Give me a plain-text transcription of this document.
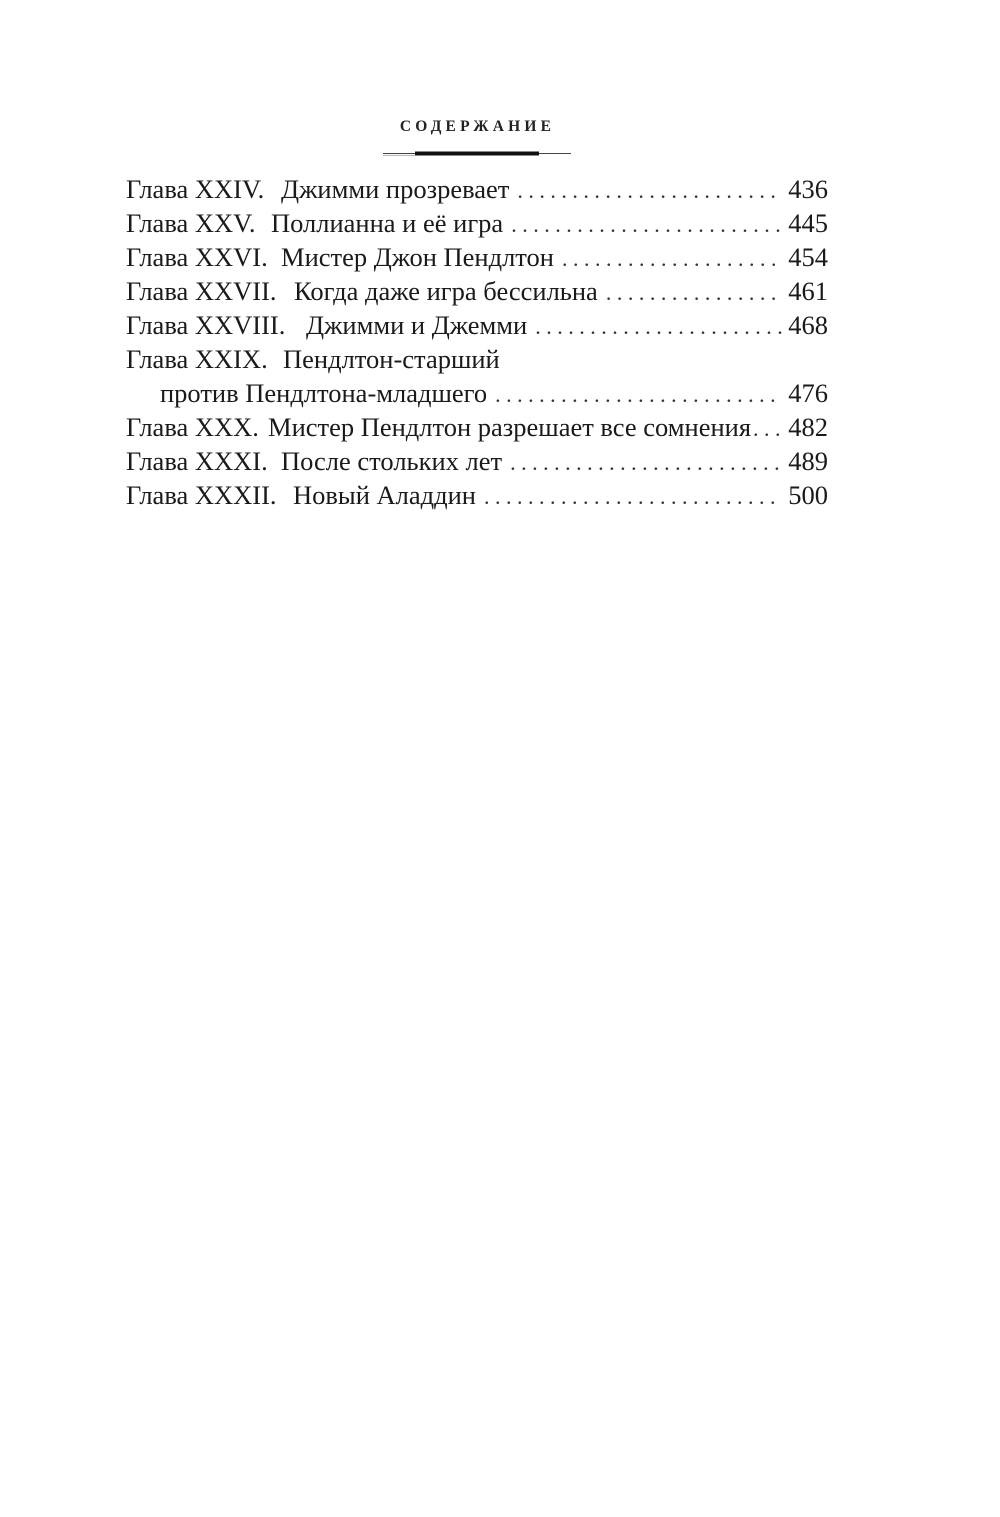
СОДЕРЖАНИЕ
Глава XXIV. Джимми прозревает . . .	436
Глава XXV. Поллианна и её игра . . .	445
Глава XXVI. Мистер Джон Пендлтон . . .	454
Глава XXVII. Когда даже игра бессильна . . .	461
Глава XXVIII. Джимми и Джемми . . .	468
Глава XXIX. Пендлтон-старший
против Пендлтона-младшего . . .	476
Глава XXX. Мистер Пендлтон разрешает все сомнения . . . 482
Глава XXXI. После стольких лет . . .	489
Глава XXXII. Новый Аладдин . . .	500
